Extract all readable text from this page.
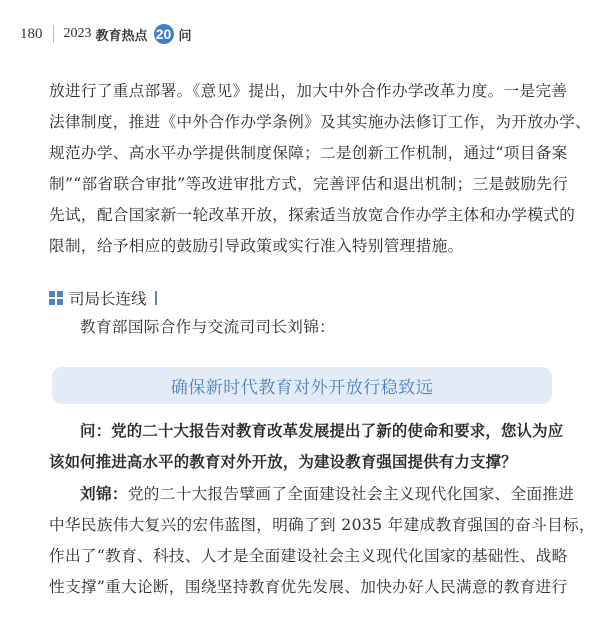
180 2023 教育热点 20 问

放进行了重点部署。《意见》提出，加大中外合作办学改革力度。一是完善

法律制度，推进《中外合作办学条例》及其实施办法修订工作，为开放办学、

规范办学、高水平办学提供制度保障；二是创新工作机制，通过“项目备案

制”“部省联合审批”等改进审批方式，完善评估和退出机制；三是鼓励先行

先试，配合国家新一轮改革开放，探索适当放宽合作办学主体和办学模式的

限制，给予相应的鼓励引导政策或实行准入特别管理措施。

司局长连线
教育部国际合作与交流司司长刘锦：
确保新时代教育对外开放行稳致远

问：党的二十大报告对教育改革发展提出了新的使命和要求，您认为应

该如何推进高水平的教育对外开放，为建设教育强国提供有力支撑？

刘锦：党的二十大报告擘画了全面建设社会主义现代化国家、全面推进

中华民族伟大复兴的宏伟蓝图，明确了到 2035 年建成教育强国的奋斗目标，

作出了“教育、科技、人才是全面建设社会主义现代化国家的基础性、战略

性支撑”重大论断，围绕坚持教育优先发展、加快办好人民满意的教育进行
